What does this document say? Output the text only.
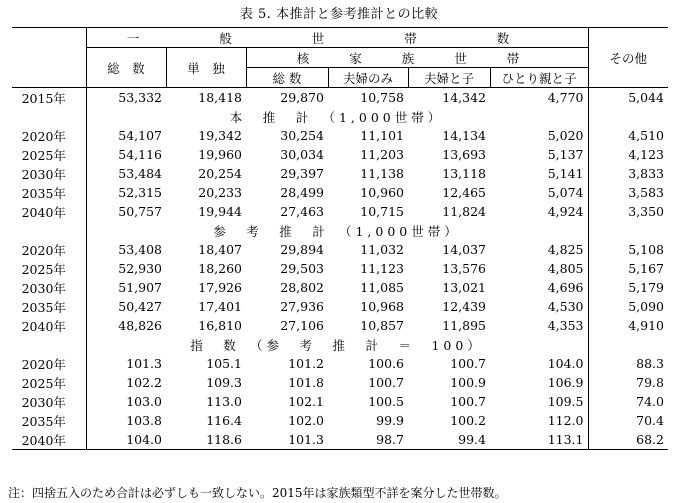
表 5. 本推計と参考推計との比較
	一 般 世 帯 数						その他
	総　数	単　独	核 家 族 世 帯				
			総 数	夫婦のみ	夫婦と子	ひとり親と子	
2015年	53,332	18,418	29,870	10,758	14,342	4,770	5,044
	本　推　計　（1,000世帯）						
2020年	54,107	19,342	30,254	11,101	14,134	5,020	4,510
2025年	54,116	19,960	30,034	11,203	13,693	5,137	4,123
2030年	53,484	20,254	29,397	11,138	13,118	5,141	3,833
2035年	52,315	20,233	28,499	10,960	12,465	5,074	3,583
2040年	50,757	19,944	27,463	10,715	11,824	4,924	3,350
	参　考　推　計　（1,000世帯）						
2020年	53,408	18,407	29,894	11,032	14,037	4,825	5,108
2025年	52,930	18,260	29,503	11,123	13,576	4,805	5,167
2030年	51,907	17,926	28,802	11,085	13,021	4,696	5,179
2035年	50,427	17,401	27,936	10,968	12,439	4,530	5,090
2040年	48,826	16,810	27,106	10,857	11,895	4,353	4,910
	指　数　（参　考　推　計　＝　100）						
2020年	101.3	105.1	101.2	100.6	100.7	104.0	88.3
2025年	102.2	109.3	101.8	100.7	100.9	106.9	79.8
2030年	103.0	113.0	102.1	100.5	100.7	109.5	74.0
2035年	103.8	116.4	102.0	99.9	100.2	112.0	70.4
2040年	104.0	118.6	101.3	98.7	99.4	113.1	68.2
注：四捨五入のため合計は必ずしも一致しない。2015年は家族類型不詳を案分した世帯数。
